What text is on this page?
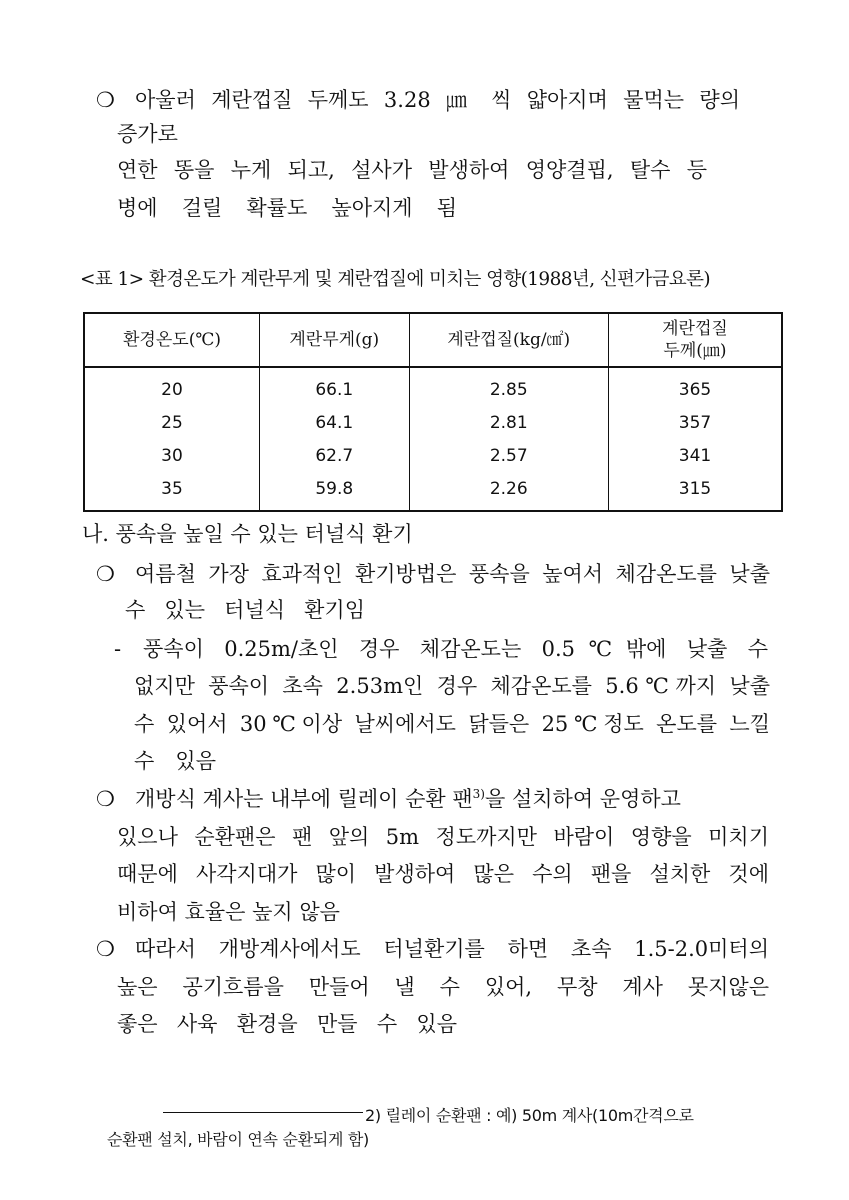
❍ 아울러 계란껍질 두께도 3.28 ㎛ 씩 얇아지며 물먹는 량의
증가로
연한 똥을 누게 되고, 설사가 발생하여 영양결핍, 탈수 등
병에 걸릴 확률도 높아지게 됨
<표 1> 환경온도가 계란무게 및 계란껍질에 미치는 영향(1988년, 신편가금요론)
환경온도(℃)	계란무게(g)	계란껍질(kg/㎠)	계란껍질
두께(㎛)
20	66.1	2.85	365
25	64.1	2.81	357
30	62.7	2.57	341
35	59.8	2.26	315
나. 풍속을 높일 수 있는 터널식 환기
❍ 여름철 가장 효과적인 환기방법은 풍속을 높여서 체감온도를 낮출
수 있는 터널식 환기임
- 풍속이 0.25m/초인 경우 체감온도는 0.5℃밖에 낮출 수
없지만 풍속이 초속 2.53m인 경우 체감온도를 5.6℃까지 낮출
수 있어서 30℃이상 날씨에서도 닭들은 25℃정도 온도를 느낄
수 있음
❍ 개방식 계사는 내부에 릴레이 순환 팬$^{3)}$을 설치하여 운영하고
있으나 순환팬은 팬 앞의 5m 정도까지만 바람이 영향을 미치기
때문에 사각지대가 많이 발생하여 많은 수의 팬을 설치한 것에
비하여 효율은 높지 않음
❍ 따라서 개방계사에서도 터널환기를 하면 초속 1.5-2.0미터의
높은 공기흐름을 만들어 낼 수 있어, 무창 계사 못지않은
좋은 사육 환경을 만들 수 있음
2) 릴레이 순환팬 : 예) 50m 계사(10m간격으로
순환팬 설치, 바람이 연속 순환되게 함)
